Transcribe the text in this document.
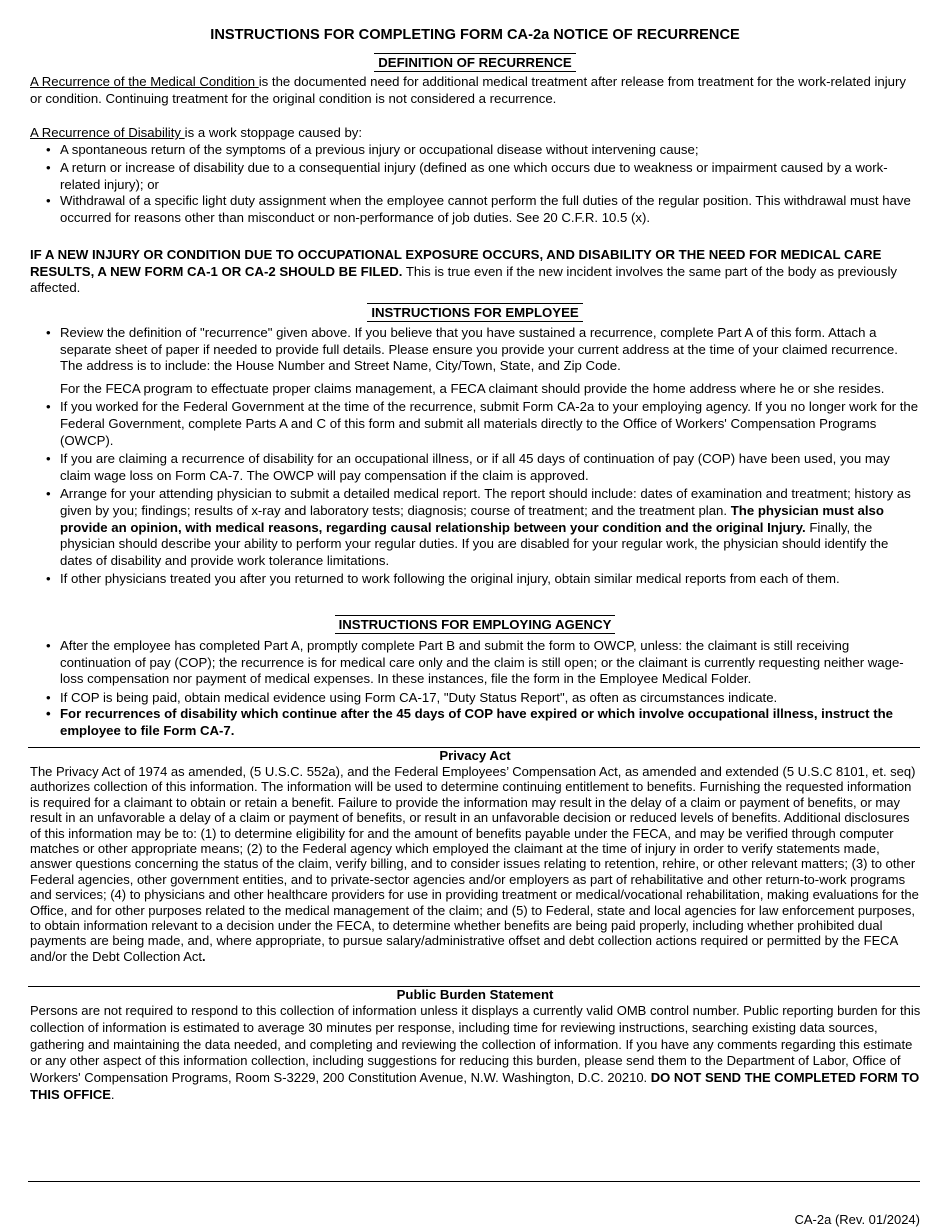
INSTRUCTIONS FOR COMPLETING FORM CA-2a NOTICE OF RECURRENCE
DEFINITION OF RECURRENCE

A Recurrence of the Medical Condition is the documented need for additional medical treatment after release from treatment for the work-related injury or condition. Continuing treatment for the original condition is not considered a recurrence.

A Recurrence of Disability is a work stoppage caused by:

• A spontaneous return of the symptoms of a previous injury or occupational disease without intervening cause;
• A return or increase of disability due to a consequential injury (defined as one which occurs due to weakness or impairment caused by a work-related injury); or
• Withdrawal of a specific light duty assignment when the employee cannot perform the full duties of the regular position. This withdrawal must have occurred for reasons other than misconduct or non-performance of job duties. See 20 C.F.R. 10.5 (x).

IF A NEW INJURY OR CONDITION DUE TO OCCUPATIONAL EXPOSURE OCCURS, AND DISABILITY OR THE NEED FOR MEDICAL CARE RESULTS, A NEW FORM CA-1 OR CA-2 SHOULD BE FILED. This is true even if the new incident involves the same part of the body as previously affected.

INSTRUCTIONS FOR EMPLOYEE
• Review the definition of "recurrence" given above. If you believe that you have sustained a recurrence, complete Part A of this form. Attach a separate sheet of paper if needed to provide full details. Please ensure you provide your current address at the time of your claimed recurrence. The address is to include: the House Number and Street Name, City/Town, State, and Zip Code.
For the FECA program to effectuate proper claims management, a FECA claimant should provide the home address where he or she resides.
• If you worked for the Federal Government at the time of the recurrence, submit Form CA-2a to your employing agency. If you no longer work for the Federal Government, complete Parts A and C of this form and submit all materials directly to the Office of Workers' Compensation Programs (OWCP).
• If you are claiming a recurrence of disability for an occupational illness, or if all 45 days of continuation of pay (COP) have been used, you may claim wage loss on Form CA-7. The OWCP will pay compensation if the claim is approved.
• Arrange for your attending physician to submit a detailed medical report. The report should include: dates of examination and treatment; history as given by you; findings; results of x-ray and laboratory tests; diagnosis; course of treatment; and the treatment plan. The physician must also provide an opinion, with medical reasons, regarding causal relationship between your condition and the original Injury. Finally, the physician should describe your ability to perform your regular duties. If you are disabled for your regular work, the physician should identify the dates of disability and provide work tolerance limitations.
• If other physicians treated you after you returned to work following the original injury, obtain similar medical reports from each of them.
INSTRUCTIONS FOR EMPLOYING AGENCY
• After the employee has completed Part A, promptly complete Part B and submit the form to OWCP, unless: the claimant is still receiving continuation of pay (COP); the recurrence is for medical care only and the claim is still open; or the claimant is currently requesting neither wage-loss compensation nor payment of medical expenses. In these instances, file the form in the Employee Medical Folder.
• If COP is being paid, obtain medical evidence using Form CA-17, "Duty Status Report", as often as circumstances indicate.
• For recurrences of disability which continue after the 45 days of COP have expired or which involve occupational illness, instruct the employee to file Form CA-7.
Privacy Act
The Privacy Act of 1974 as amended, (5 U.S.C. 552a), and the Federal Employees’ Compensation Act, as amended and extended (5 U.S.C 8101, et. seq) authorizes collection of this information. The information will be used to determine continuing entitlement to benefits. Furnishing the requested information is required for a claimant to obtain or retain a benefit. Failure to provide the information may result in the delay of a claim or payment of benefits, or may result in an unfavorable a delay of a claim or payment of benefits, or result in an unfavorable decision or reduced levels of benefits. Additional disclosures of this information may be to: (1) to determine eligibility for and the amount of benefits payable under the FECA, and may be verified through computer matches or other appropriate means; (2) to the Federal agency which employed the claimant at the time of injury in order to verify statements made, answer questions concerning the status of the claim, verify billing, and to consider issues relating to retention, rehire, or other relevant matters; (3) to other Federal agencies, other government entities, and to private-sector agencies and/or employers as part of rehabilitative and other return-to-work programs and services; (4) to physicians and other healthcare providers for use in providing treatment or medical/vocational rehabilitation, making evaluations for the Office, and for other purposes related to the medical management of the claim; and (5) to Federal, state and local agencies for law enforcement purposes, to obtain information relevant to a decision under the FECA, to determine whether benefits are being paid properly, including whether prohibited dual payments are being made, and, where appropriate, to pursue salary/administrative offset and debt collection actions required or permitted by the FECA and/or the Debt Collection Act.
Public Burden Statement
Persons are not required to respond to this collection of information unless it displays a currently valid OMB control number. Public reporting burden for this collection of information is estimated to average 30 minutes per response, including time for reviewing instructions, searching existing data sources, gathering and maintaining the data needed, and completing and reviewing the collection of information. If you have any comments regarding this estimate or any other aspect of this information collection, including suggestions for reducing this burden, please send them to the Department of Labor, Office of Workers' Compensation Programs, Room S-3229, 200 Constitution Avenue, N.W. Washington, D.C. 20210. DO NOT SEND THE COMPLETED FORM TO THIS OFFICE.
CA-2a (Rev. 01/2024)
